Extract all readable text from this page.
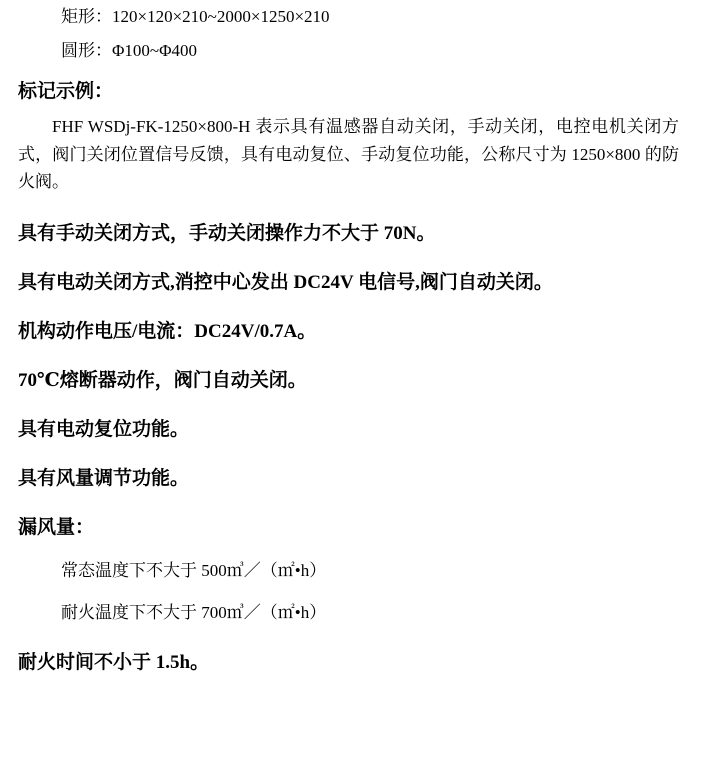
矩形：120×120×210~2000×1250×210
圆形：Φ100~Φ400
标记示例：
FHF WSDj-FK-1250×800-H 表示具有温感器自动关闭，手动关闭，电控电机关闭方式，阀门关闭位置信号反馈，具有电动复位、手动复位功能，公称尺寸为 1250×800 的防火阀。
具有手动关闭方式，手动关闭操作力不大于 70N。
具有电动关闭方式,消控中心发出 DC24V 电信号,阀门自动关闭。
机构动作电压/电流：DC24V/0.7A。
70℃熔断器动作，阀门自动关闭。
具有电动复位功能。
具有风量调节功能。
漏风量：
常态温度下不大于 500㎥／（㎡•h）
耐火温度下不大于 700㎥／（㎡•h）
耐火时间不小于 1.5h。
